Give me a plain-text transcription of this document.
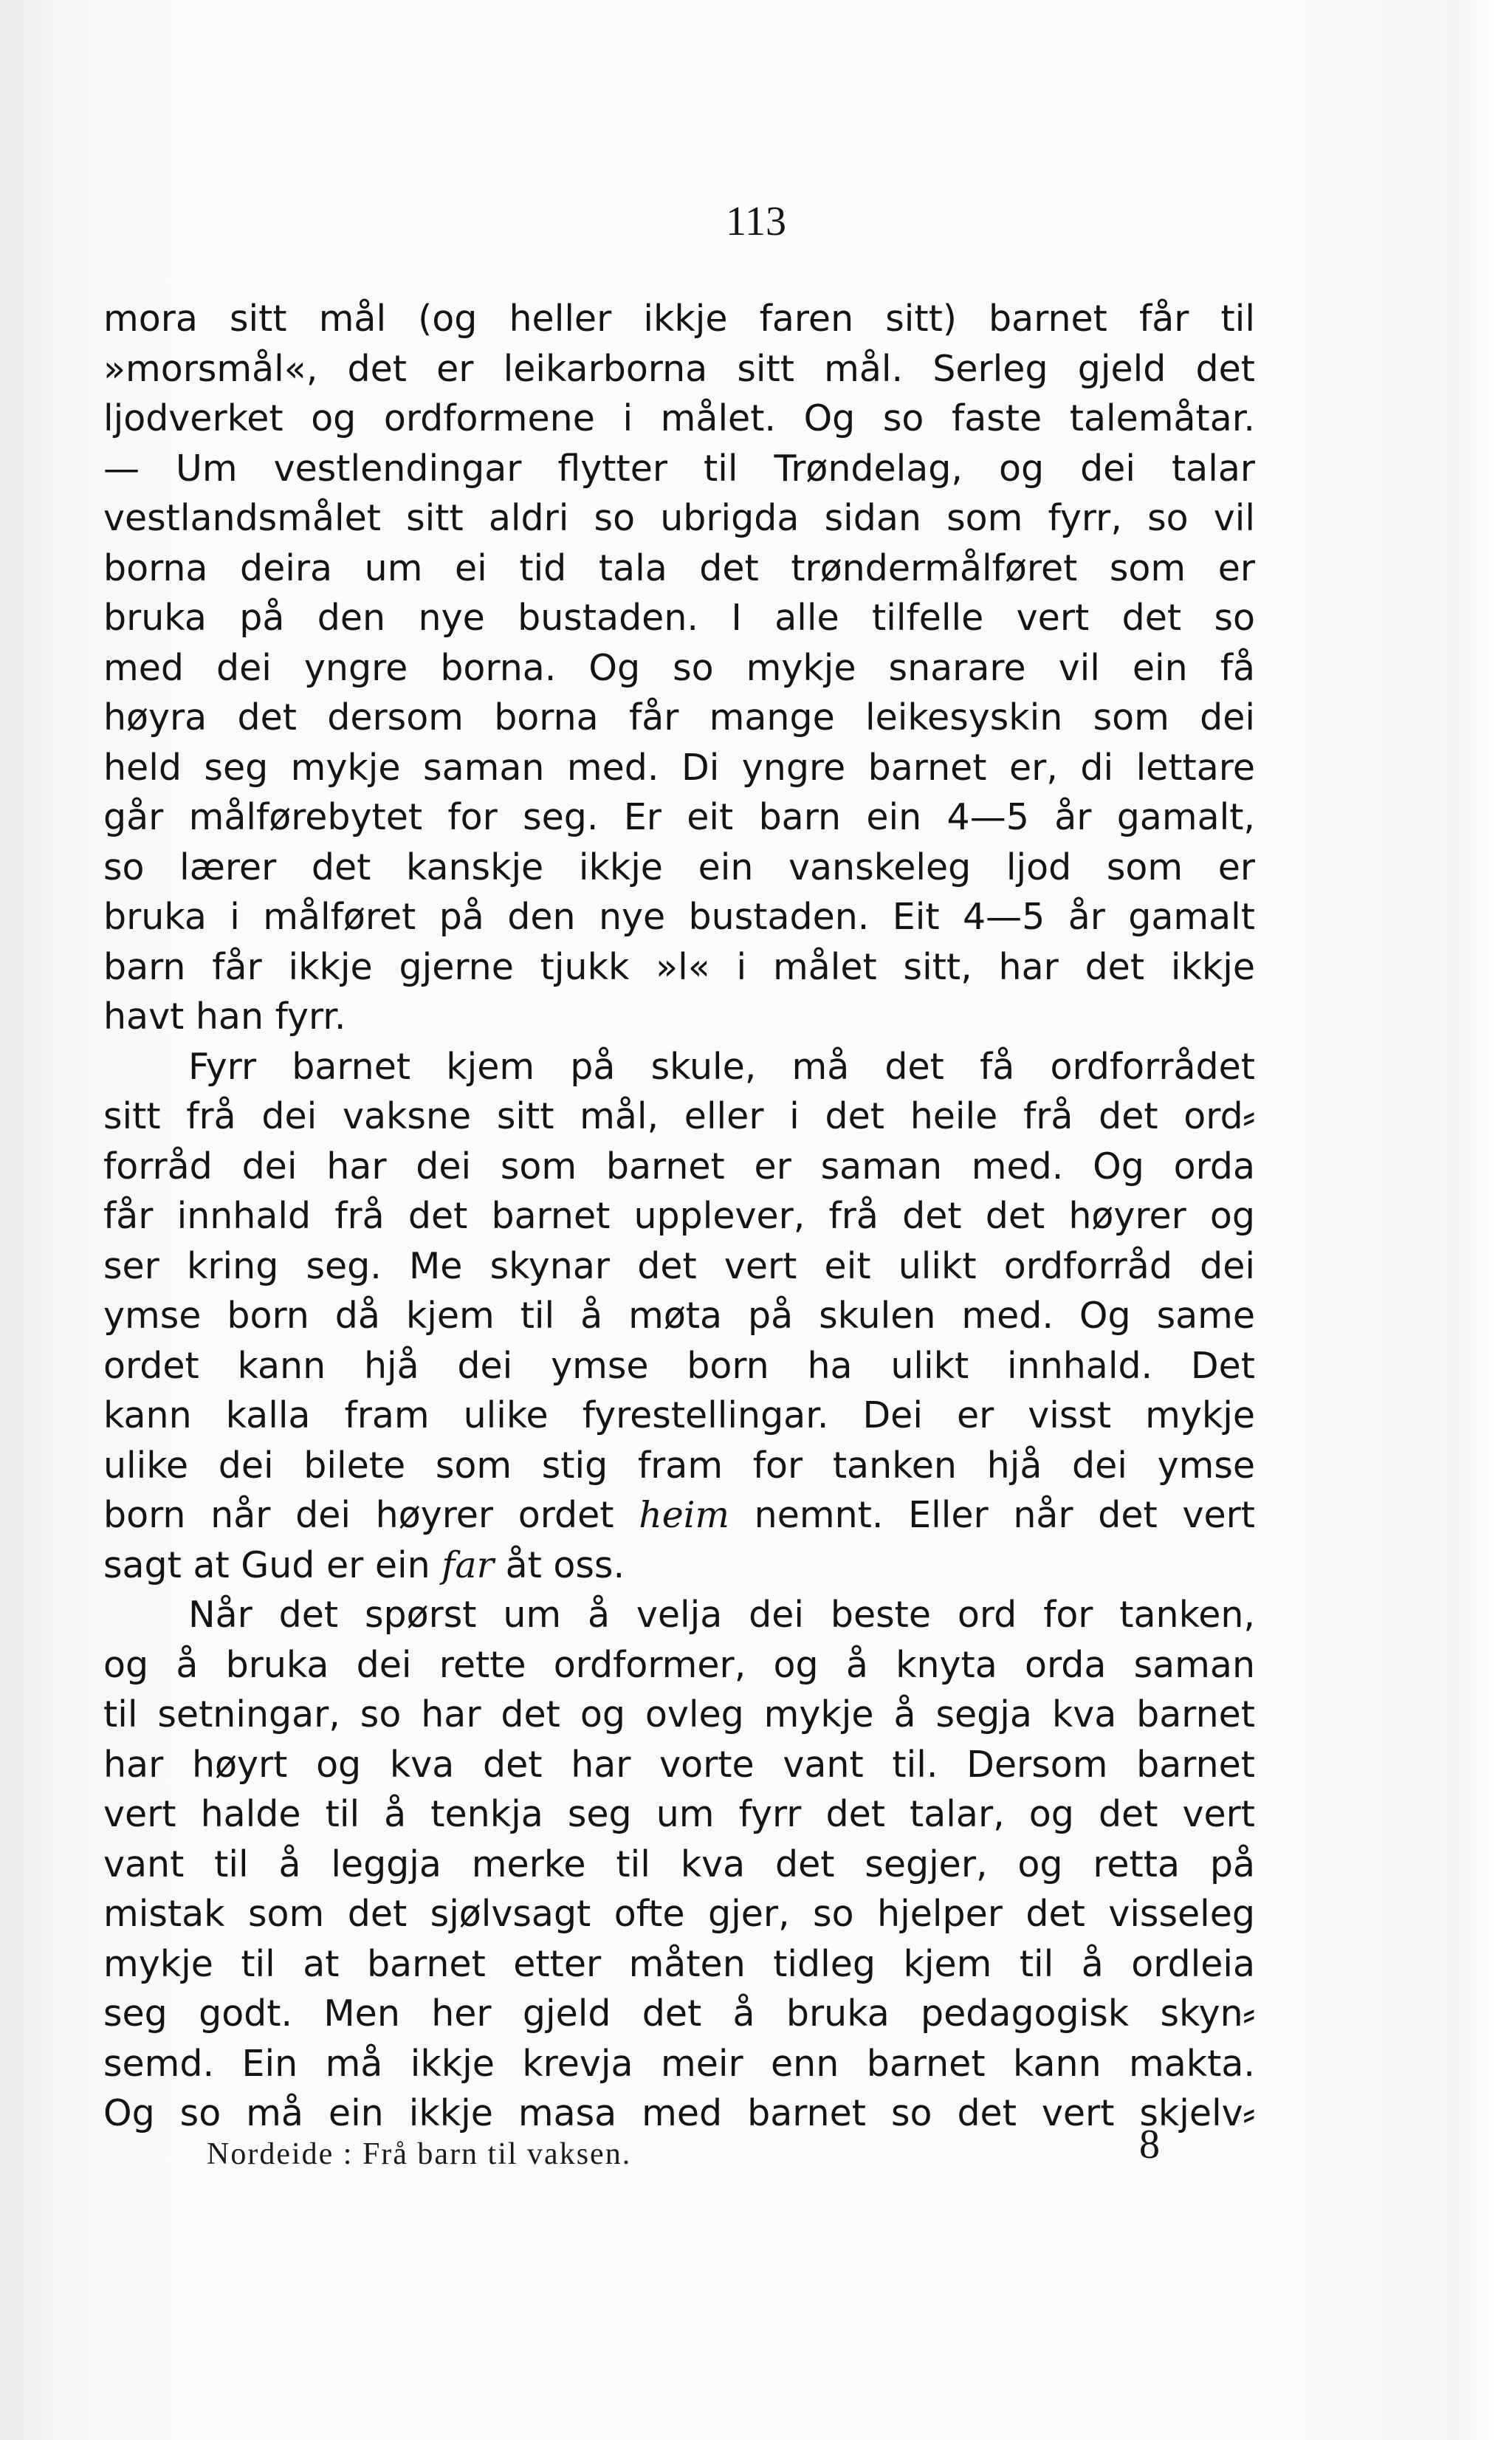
113
mora sitt mål (og heller ikkje faren sitt) barnet får til
»morsmål«, det er leikarborna sitt mål. Serleg gjeld det
ljodverket og ordformene i målet. Og so faste talemåtar.
— Um vestlendingar flytter til Trøndelag, og dei talar
vestlandsmålet sitt aldri so ubrigda sidan som fyrr, so vil
borna deira um ei tid tala det trøndermålføret som er
bruka på den nye bustaden. I alle tilfelle vert det so
med dei yngre borna. Og so mykje snarare vil ein få
høyra det dersom borna får mange leikesyskin som dei
held seg mykje saman med. Di yngre barnet er, di lettare
går målførebytet for seg. Er eit barn ein 4—5 år gamalt,
so lærer det kanskje ikkje ein vanskeleg ljod som er
bruka i målføret på den nye bustaden. Eit 4—5 år gamalt
barn får ikkje gjerne tjukk »l« i målet sitt, har det ikkje
havt han fyrr.
Fyrr barnet kjem på skule, må det få ordforrådet
sitt frå dei vaksne sitt mål, eller i det heile frå det ord⸗
forråd dei har dei som barnet er saman med. Og orda
får innhald frå det barnet upplever, frå det det høyrer og
ser kring seg. Me skynar det vert eit ulikt ordforråd dei
ymse born då kjem til å møta på skulen med. Og same
ordet kann hjå dei ymse born ha ulikt innhald. Det
kann kalla fram ulike fyrestellingar. Dei er visst mykje
ulike dei bilete som stig fram for tanken hjå dei ymse
born når dei høyrer ordet heim nemnt. Eller når det vert
sagt at Gud er ein far åt oss.
Når det spørst um å velja dei beste ord for tanken,
og å bruka dei rette ordformer, og å knyta orda saman
til setningar, so har det og ovleg mykje å segja kva barnet
har høyrt og kva det har vorte vant til. Dersom barnet
vert halde til å tenkja seg um fyrr det talar, og det vert
vant til å leggja merke til kva det segjer, og retta på
mistak som det sjølvsagt ofte gjer, so hjelper det visseleg
mykje til at barnet etter måten tidleg kjem til å ordleia
seg godt. Men her gjeld det å bruka pedagogisk skyn⸗
semd. Ein må ikkje krevja meir enn barnet kann makta.
Og so må ein ikkje masa med barnet so det vert skjelv⸗
Nordeide : Frå barn til vaksen.	8
